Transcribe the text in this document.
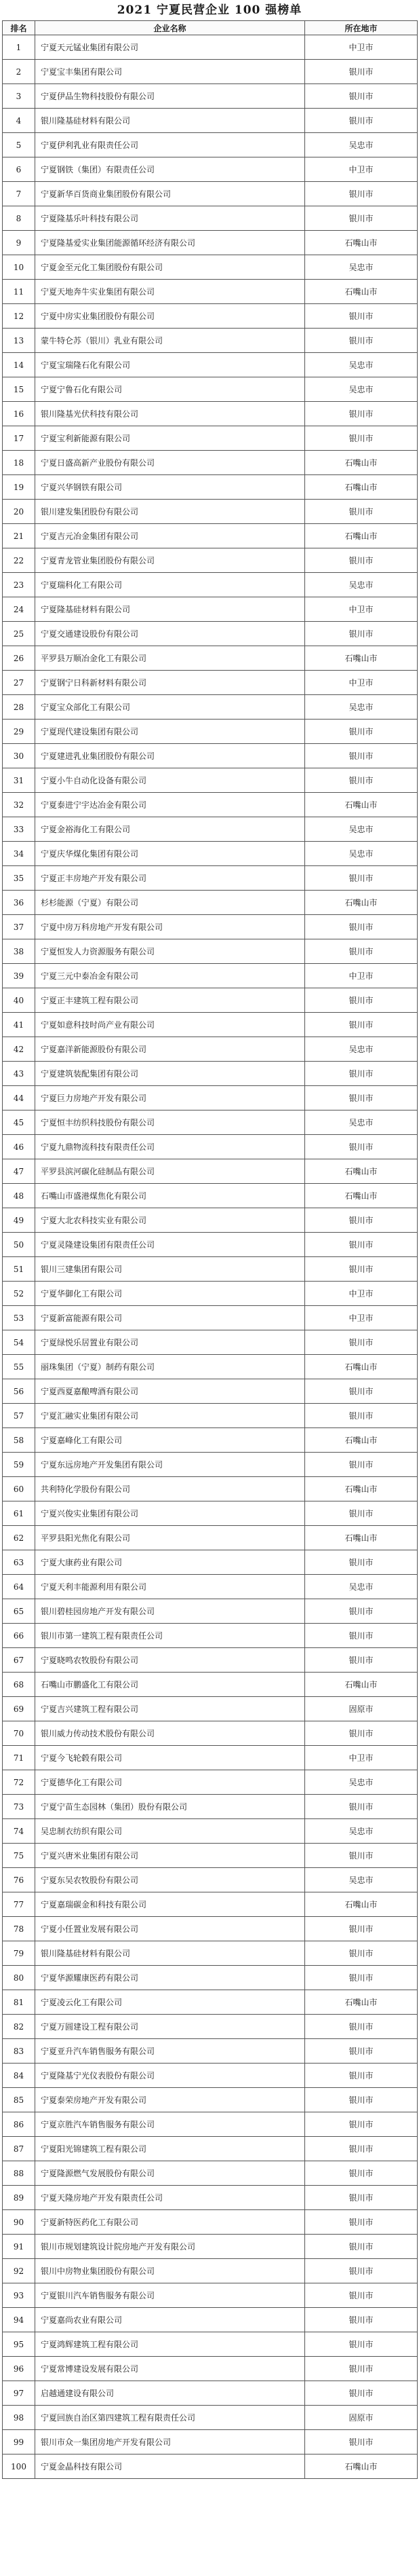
2021 宁夏民营企业 100 强榜单
排名	企业名称	所在地市
1	宁夏天元锰业集团有限公司	中卫市
2	宁夏宝丰集团有限公司	银川市
3	宁夏伊品生物科技股份有限公司	银川市
4	银川隆基硅材料有限公司	银川市
5	宁夏伊利乳业有限责任公司	吴忠市
6	宁夏钢铁（集团）有限责任公司	中卫市
7	宁夏新华百货商业集团股份有限公司	银川市
8	宁夏隆基乐叶科技有限公司	银川市
9	宁夏隆基爱实业集团能源循环经济有限公司	石嘴山市
10	宁夏金至元化工集团股份有限公司	吴忠市
11	宁夏天地奔牛实业集团有限公司	石嘴山市
12	宁夏中房实业集团股份有限公司	银川市
13	蒙牛特仑苏（银川）乳业有限公司	银川市
14	宁夏宝瑞隆石化有限公司	吴忠市
15	宁夏宁鲁石化有限公司	吴忠市
16	银川隆基光伏科技有限公司	银川市
17	宁夏宝利新能源有限公司	银川市
18	宁夏日盛高新产业股份有限公司	石嘴山市
19	宁夏兴华钢铁有限公司	石嘴山市
20	银川建发集团股份有限公司	银川市
21	宁夏吉元冶金集团有限公司	石嘴山市
22	宁夏青龙管业集团股份有限公司	银川市
23	宁夏瑞科化工有限公司	吴忠市
24	宁夏隆基硅材料有限公司	中卫市
25	宁夏交通建设股份有限公司	银川市
26	平罗县万顺冶金化工有限公司	石嘴山市
27	宁夏钢宁日科新材料有限公司	中卫市
28	宁夏宝众部化工有限公司	吴忠市
29	宁夏现代建设集团有限公司	银川市
30	宁夏建进乳业集团股份有限公司	银川市
31	宁夏小牛自动化设备有限公司	银川市
32	宁夏泰进宁宇达冶金有限公司	石嘴山市
33	宁夏金裕海化工有限公司	吴忠市
34	宁夏庆华煤化集团有限公司	吴忠市
35	宁夏正丰房地产开发有限公司	银川市
36	杉杉能源（宁夏）有限公司	石嘴山市
37	宁夏中房万科房地产开发有限公司	银川市
38	宁夏恒发人力资源服务有限公司	银川市
39	宁夏三元中泰冶金有限公司	中卫市
40	宁夏正丰建筑工程有限公司	银川市
41	宁夏如意科技时尚产业有限公司	银川市
42	宁夏嘉洋新能源股份有限公司	吴忠市
43	宁夏建筑装配集团有限公司	银川市
44	宁夏巨力房地产开发有限公司	银川市
45	宁夏恒丰纺织科技股份有限公司	吴忠市
46	宁夏九鼎物流科技有限责任公司	银川市
47	平罗县滨河碳化硅制品有限公司	石嘴山市
48	石嘴山市盛港煤焦化有限公司	石嘴山市
49	宁夏大北农科技实业有限公司	银川市
50	宁夏灵隆建设集团有限责任公司	银川市
51	银川三建集团有限公司	银川市
52	宁夏华御化工有限公司	中卫市
53	宁夏新富能源有限公司	中卫市
54	宁夏绿悦乐居置业有限公司	银川市
55	丽珠集团（宁夏）制药有限公司	石嘴山市
56	宁夏西夏嘉酿啤酒有限公司	银川市
57	宁夏汇融实业集团有限公司	银川市
58	宁夏嘉峰化工有限公司	石嘴山市
59	宁夏东远房地产开发集团有限公司	银川市
60	共利特化学股份有限公司	石嘴山市
61	宁夏兴俊实业集团有限公司	银川市
62	平罗县阳光焦化有限公司	石嘴山市
63	宁夏大康药业有限公司	银川市
64	宁夏天利丰能源利用有限公司	吴忠市
65	银川碧桂园房地产开发有限公司	银川市
66	银川市第一建筑工程有限责任公司	银川市
67	宁夏晓鸣农牧股份有限公司	银川市
68	石嘴山市鹏盛化工有限公司	石嘴山市
69	宁夏吉兴建筑工程有限公司	固原市
70	银川威力传动技术股份有限公司	银川市
71	宁夏今飞轮毂有限公司	中卫市
72	宁夏德华化工有限公司	吴忠市
73	宁夏宁苗生态园林（集团）股份有限公司	银川市
74	吴忠制衣纺织有限公司	吴忠市
75	宁夏兴唐米业集团有限公司	银川市
76	宁夏东吴农牧股份有限公司	吴忠市
77	宁夏嘉瑞碳金和科技有限公司	石嘴山市
78	宁夏小任置业发展有限公司	银川市
79	银川隆基硅材料有限公司	银川市
80	宁夏华源耀康医药有限公司	银川市
81	宁夏凌云化工有限公司	石嘴山市
82	宁夏万圆建设工程有限公司	银川市
83	宁夏亚升汽车销售服务有限公司	银川市
84	宁夏隆基宁光仪表股份有限公司	银川市
85	宁夏泰荣房地产开发有限公司	银川市
86	宁夏京胜汽车销售服务有限公司	银川市
87	宁夏阳光锦建筑工程有限公司	银川市
88	宁夏隆源燃气发展股份有限公司	银川市
89	宁夏天隆房地产开发有限责任公司	银川市
90	宁夏新特医药化工有限公司	银川市
91	银川市规划建筑设计院房地产开发有限公司	银川市
92	银川中房物业集团股份有限公司	银川市
93	宁夏银川汽车销售服务有限公司	银川市
94	宁夏嘉尚农业有限公司	银川市
95	宁夏鸿辉建筑工程有限公司	银川市
96	宁夏常博建设发展有限公司	银川市
97	启越通建设有限公司	银川市
98	宁夏回族自治区第四建筑工程有限责任公司	固原市
99	银川市众一集团房地产开发有限公司	银川市
100	宁夏金晶科技有限公司	石嘴山市
